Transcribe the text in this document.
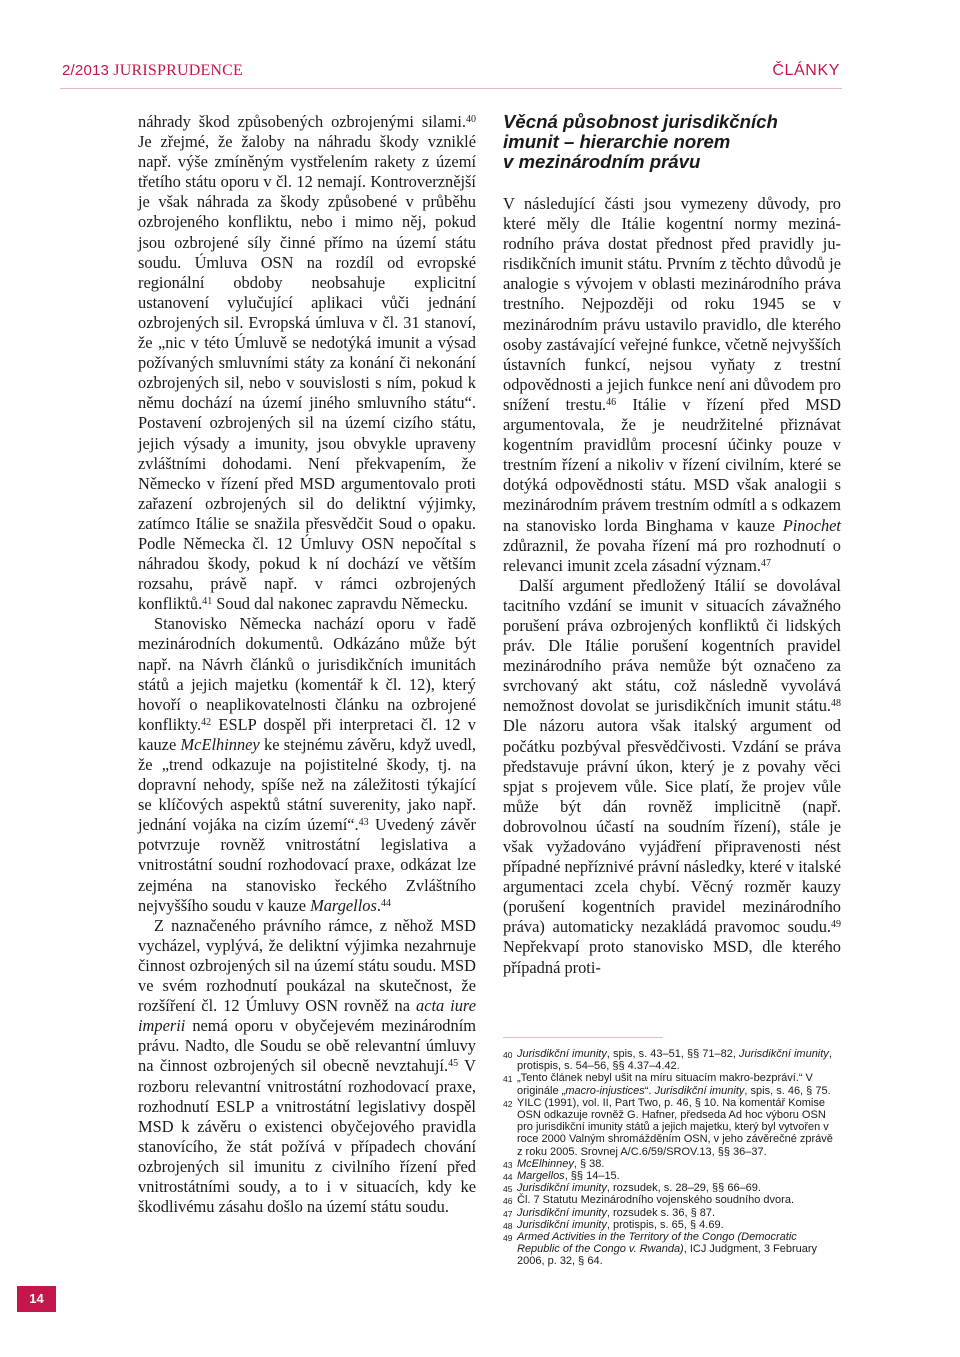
2/2013 JURISPRUDENCE	ČLÁNKY

náhrady škod způsobených ozbrojenými silami.$^{40}$ Je zřejmé, že žaloby na náhradu škody vzniklé např. výše zmíněným vystřelením rakety z území třetího státu oporu v čl. 12 nemají. Kontroverznější je však náhrada za škody způsobené v průběhu ozbrojeného konfliktu, nebo i mimo něj, pokud jsou ozbrojené síly činné přímo na území státu soudu. Úmluva OSN na rozdíl od evropské regionální obdoby neobsahuje explicitní ustanovení vylučující aplikaci vůči jednání ozbrojených sil. Evropská úmluva v čl. 31 stanoví, že „nic v této Úmluvě se nedotýká imunit a výsad požívaných smluvními státy za konání či nekonání ozbrojených sil, nebo v souvislosti s ním, pokud k němu dochází na území jiného smluvního státu“. Postavení ozbrojených sil na území cizího státu, jejich výsady a imunity, jsou obvykle upraveny zvláštními dohodami. Není překvapením, že Německo v řízení před MSD argumentovalo proti zařazení ozbrojených sil do deliktní výjimky, zatímco Itálie se snažila přesvědčit Soud o opaku. Podle Německa čl. 12 Úmluvy OSN nepočítal s náhradou škody, pokud k ní dochází ve větším rozsahu, právě např. v rámci ozbrojených konfliktů.$^{41}$ Soud dal nakonec zapravdu Německu.

Stanovisko Německa nachází oporu v řadě mezinárodních dokumentů. Odkázáno může být např. na Návrh článků o jurisdikčních imunitách států a jejich majetku (komentář k čl. 12), který hovoří o neaplikovatelnosti článku na ozbrojené konflikty.$^{42}$ ESLP dospěl při interpretaci čl. 12 v kauze McElhinney ke stejnému závěru, když uvedl, že „trend odkazuje na pojistitelné škody, tj. na dopravní nehody, spíše než na záležitosti týkající se klíčových aspektů státní suverenity, jako např. jednání vojáka na cizím území“.$^{43}$ Uvedený závěr potvrzuje rovněž vnitrostátní legislativa a vnitrostátní soudní rozhodovací praxe, odkázat lze zejména na stanovisko řeckého Zvláštního nejvyššího soudu v kauze Margellos.$^{44}$

Z naznačeného právního rámce, z něhož MSD vycházel, vyplývá, že deliktní výjimka nezahrnuje činnost ozbrojených sil na území státu soudu. MSD ve svém rozhodnutí poukázal na skutečnost, že rozšíření čl. 12 Úmluvy OSN rovněž na acta iure imperii nemá oporu v obyčejevém mezinárodním právu. Nadto, dle Soudu se obě relevantní úmluvy na činnost ozbrojených sil obecně nevztahují.$^{45}$ V rozboru relevantní vnitrostátní rozhodovací praxe, rozhodnutí ESLP a vnitrostátní legislativy dospěl MSD k závěru o existenci obyčejového pravidla stanovícího, že stát požívá v případech chování ozbrojených sil imunitu z civilního řízení před vnitrostátními soudy, a to i v situacích, kdy ke škodlivému zásahu došlo na území státu soudu.

Věcná působnost jurisdikčních
imunit – hierarchie norem
v mezinárodním právu

V následující části jsou vymezeny důvody, pro které měly dle Itálie kogentní normy mezinárodního práva dostat přednost před pravidly jurisdikčních imunit státu. Prvním z těchto důvodů je analogie s vývojem v oblasti mezinárodního práva trestního. Nejpozději od roku 1945 se v mezinárodním právu ustavilo pravidlo, dle kterého osoby zastávající veřejné funkce, včetně nejvyšších ústavních funkcí, nejsou vyňaty z trestní odpovědnosti a jejich funkce není ani důvodem pro snížení trestu.$^{46}$ Itálie v řízení před MSD argumentovala, že je neudržitelné přiznávat kogentním pravidlům procesní účinky pouze v trestním řízení a nikoliv v řízení civilním, které se dotýká odpovědnosti státu. MSD však analogii s mezinárodním právem trestním odmítl a s odkazem na stanovisko lorda Binghama v kauze Pinochet zdůraznil, že povaha řízení má pro rozhodnutí o relevanci imunit zcela zásadní význam.$^{47}$

Další argument předložený Itálií se dovolával tacitního vzdání se imunit v situacích závažného porušení práva ozbrojených konfliktů či lidských práv. Dle Itálie porušení kogentních pravidel mezinárodního práva nemůže být označeno za svrchovaný akt státu, což následně vyvolává nemožnost dovolat se jurisdikčních imunit státu.$^{48}$ Dle názoru autora však italský argument od počátku pozbýval přesvědčivosti. Vzdání se práva představuje právní úkon, který je z povahy věci spjat s projevem vůle. Sice platí, že projev vůle může být dán rovněž implicitně (např. dobrovolnou účastí na soudním řízení), stále je však vyžadováno vyjádření připravenosti nést případné nepříznivé právní následky, které v italské argumentaci zcela chybí. Věcný rozměr kauzy (porušení kogentních pravidel mezinárodního práva) automaticky nezakládá pravomoc soudu.$^{49}$ Nepřekvapí proto stanovisko MSD, dle kterého případná proti-

40 Jurisdikční imunity, spis, s. 43–51, §§ 71–82, Jurisdikční imunity, protispis, s. 54–56, §§ 4.37–4.42.

41 „Tento článek nebyl ušit na míru situacím makro-bezpráví.“ V originále „macro-injustices“. Jurisdikční imunity, spis, s. 46, § 75.

42 YILC (1991), vol. II, Part Two, p. 46, § 10. Na komentář Komise OSN odkazuje rovněž G. Hafner, předseda Ad hoc výboru OSN pro jurisdikční imunity států a jejich majetku, který byl vytvořen v roce 2000 Valným shromážděním OSN, v jeho závěrečné zprávě z roku 2005. Srovnej A/C.6/59/SROV.13, §§ 36–37.

43 McElhinney, § 38.

44 Margellos, §§ 14–15.

45 Jurisdikční imunity, rozsudek, s. 28–29, §§ 66–69.

46 Čl. 7 Statutu Mezinárodního vojenského soudního dvora.

47 Jurisdikční imunity, rozsudek s. 36, § 87.

48 Jurisdikční imunity, protispis, s. 65, § 4.69.

49 Armed Activities in the Territory of the Congo (Democratic Republic of the Congo v. Rwanda), ICJ Judgment, 3 February 2006, p. 32, § 64.

14
